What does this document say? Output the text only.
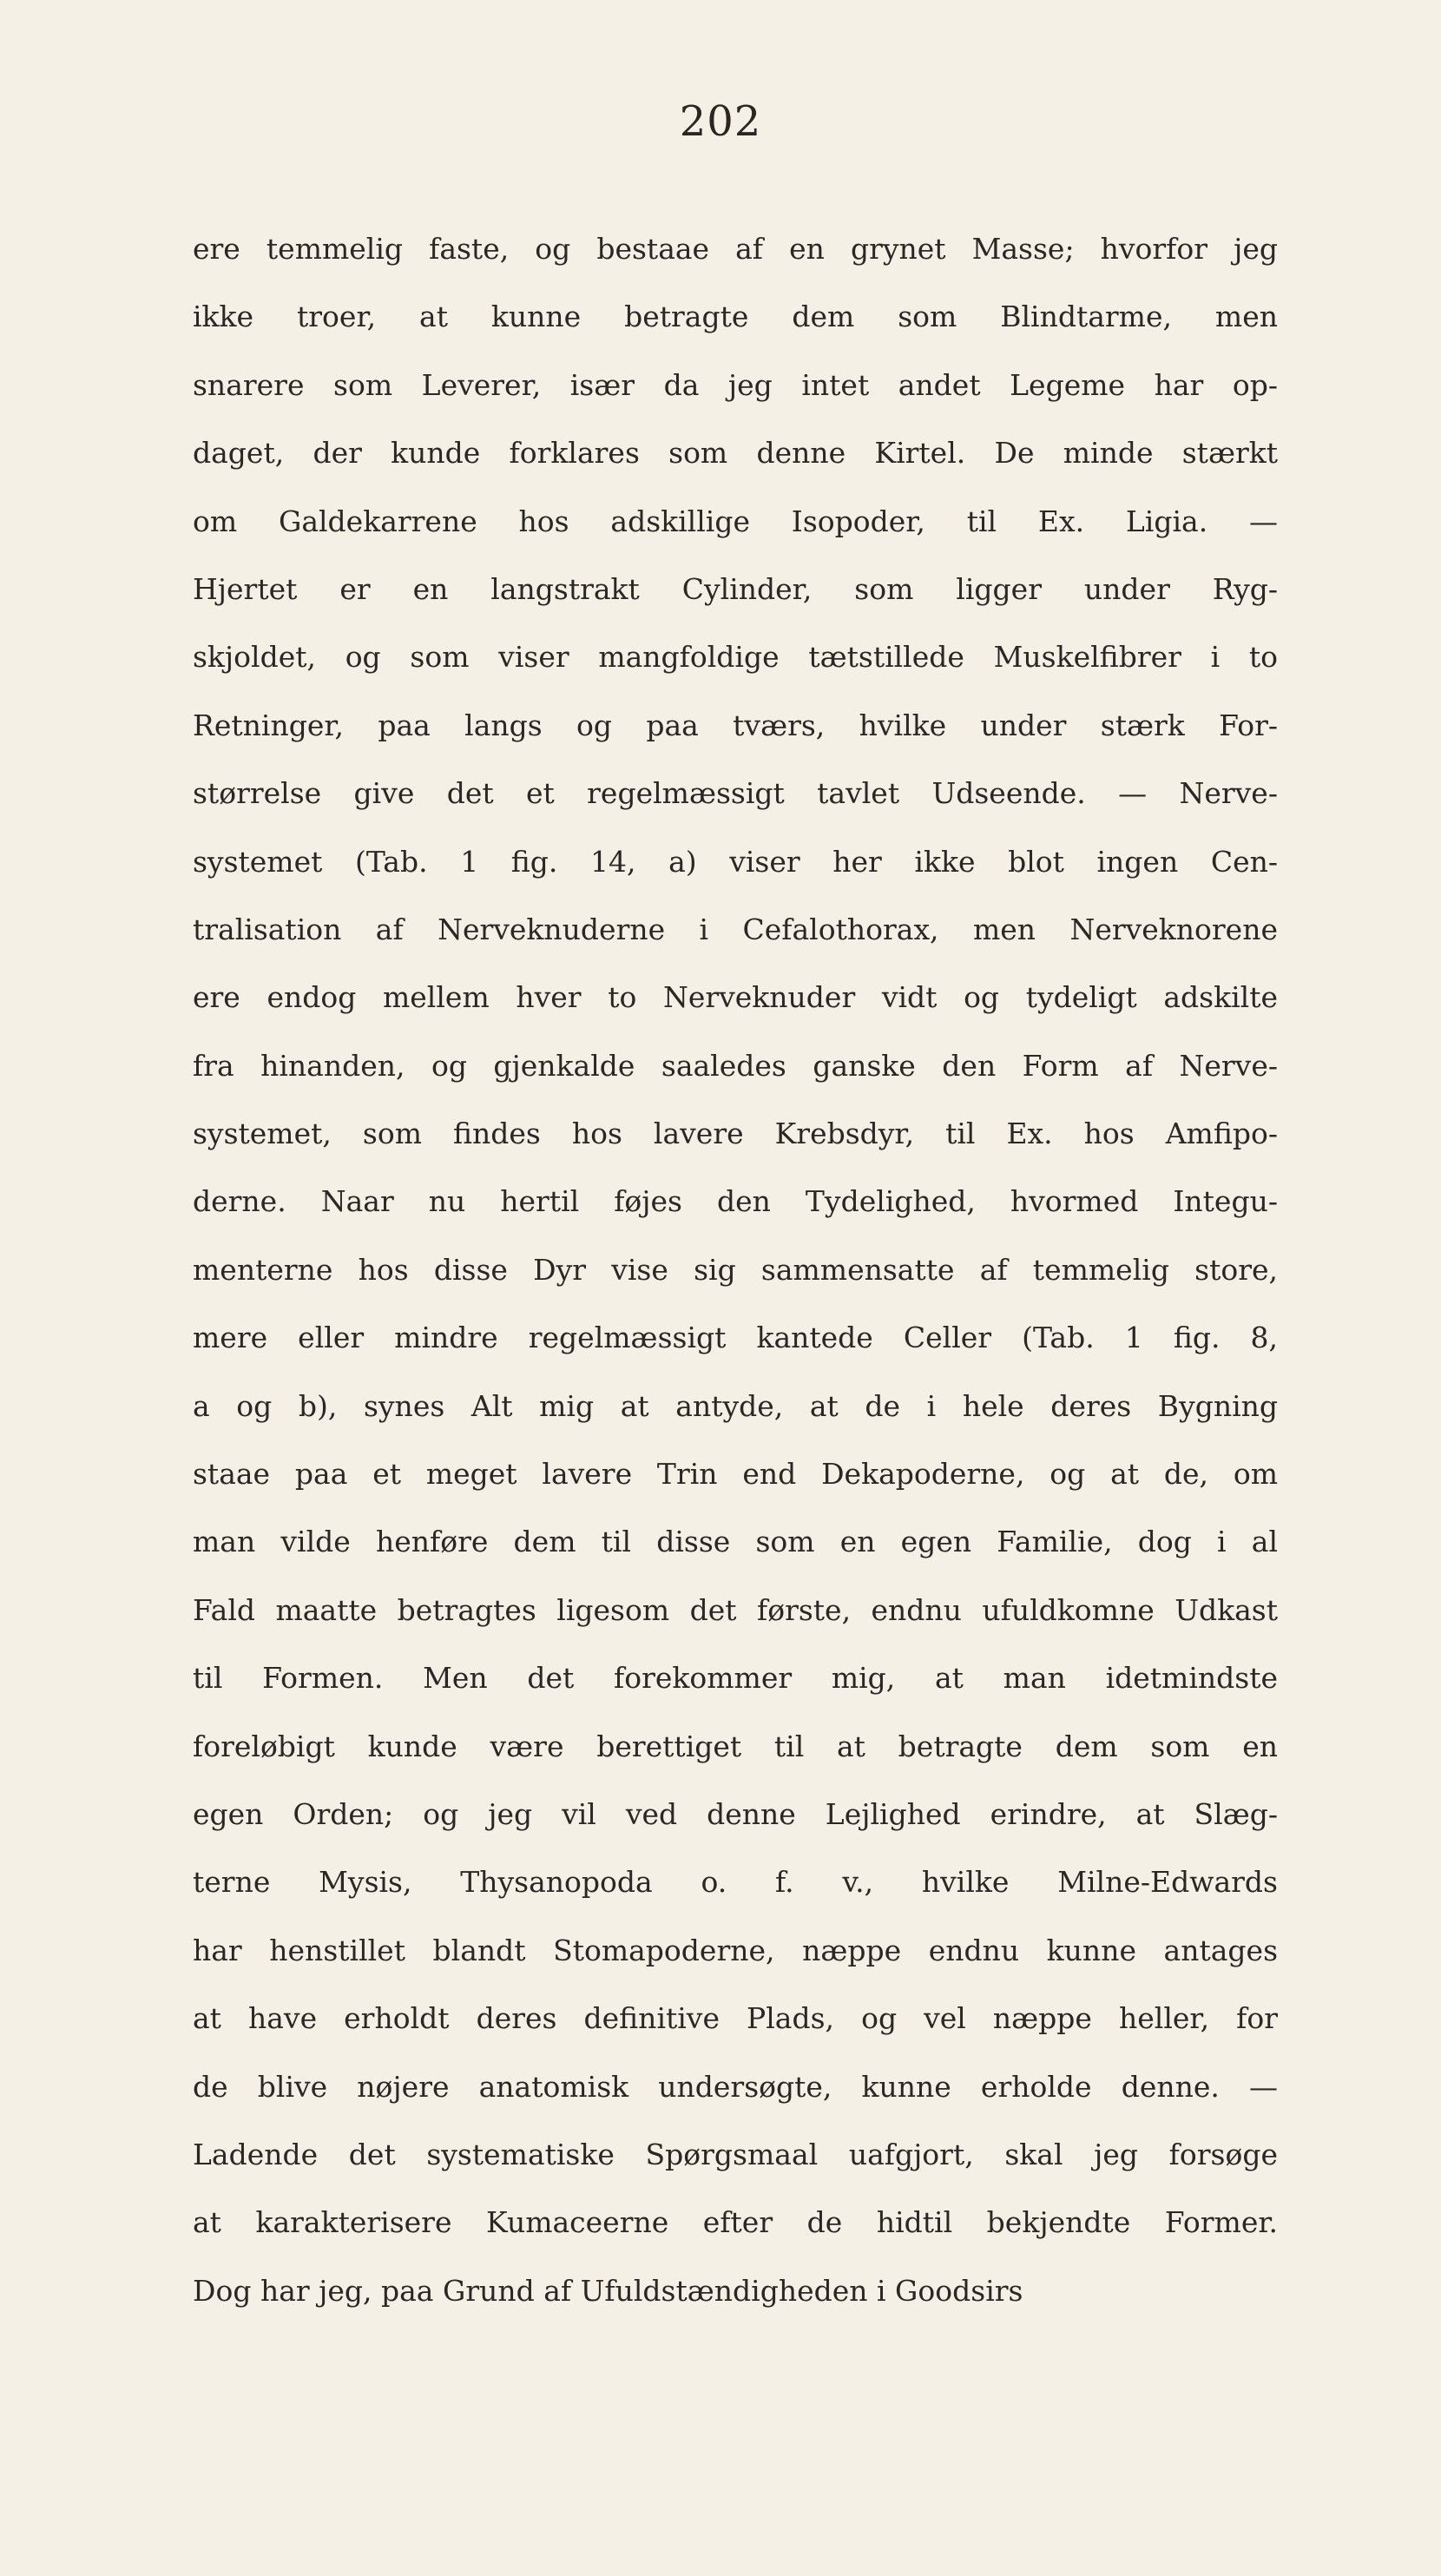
202
ere temmelig faste, og bestaae af en grynet Masse; hvorfor jeg
ikke troer, at kunne betragte dem som Blindtarme, men
snarere som Leverer, især da jeg intet andet Legeme har op-
daget, der kunde forklares som denne Kirtel. De minde stærkt
om Galdekarrene hos adskillige Isopoder, til Ex. Ligia. —
Hjertet er en langstrakt Cylinder, som ligger under Ryg-
skjoldet, og som viser mangfoldige tætstillede Muskelfibrer i to
Retninger, paa langs og paa tværs, hvilke under stærk For-
størrelse give det et regelmæssigt tavlet Udseende. — Nerve-
systemet (Tab. 1 fig. 14, a) viser her ikke blot ingen Cen-
tralisation af Nerveknuderne i Cefalothorax, men Nerveknorene
ere endog mellem hver to Nerveknuder vidt og tydeligt adskilte
fra hinanden, og gjenkalde saaledes ganske den Form af Nerve-
systemet, som findes hos lavere Krebsdyr, til Ex. hos Amfipo-
derne. Naar nu hertil føjes den Tydelighed, hvormed Integu-
menterne hos disse Dyr vise sig sammensatte af temmelig store,
mere eller mindre regelmæssigt kantede Celler (Tab. 1 fig. 8,
a og b), synes Alt mig at antyde, at de i hele deres Bygning
staae paa et meget lavere Trin end Dekapoderne, og at de, om
man vilde henføre dem til disse som en egen Familie, dog i al
Fald maatte betragtes ligesom det første, endnu ufuldkomne Udkast
til Formen. Men det forekommer mig, at man idetmindste
foreløbigt kunde være berettiget til at betragte dem som en
egen Orden; og jeg vil ved denne Lejlighed erindre, at Slæg-
terne Mysis, Thysanopoda o. f. v., hvilke Milne-Edwards
har henstillet blandt Stomapoderne, næppe endnu kunne antages
at have erholdt deres definitive Plads, og vel næppe heller, for
de blive nøjere anatomisk undersøgte, kunne erholde denne. —
Ladende det systematiske Spørgsmaal uafgjort, skal jeg forsøge
at karakterisere Kumaceerne efter de hidtil bekjendte Former.
Dog har jeg, paa Grund af Ufuldstændigheden i Goodsirs
